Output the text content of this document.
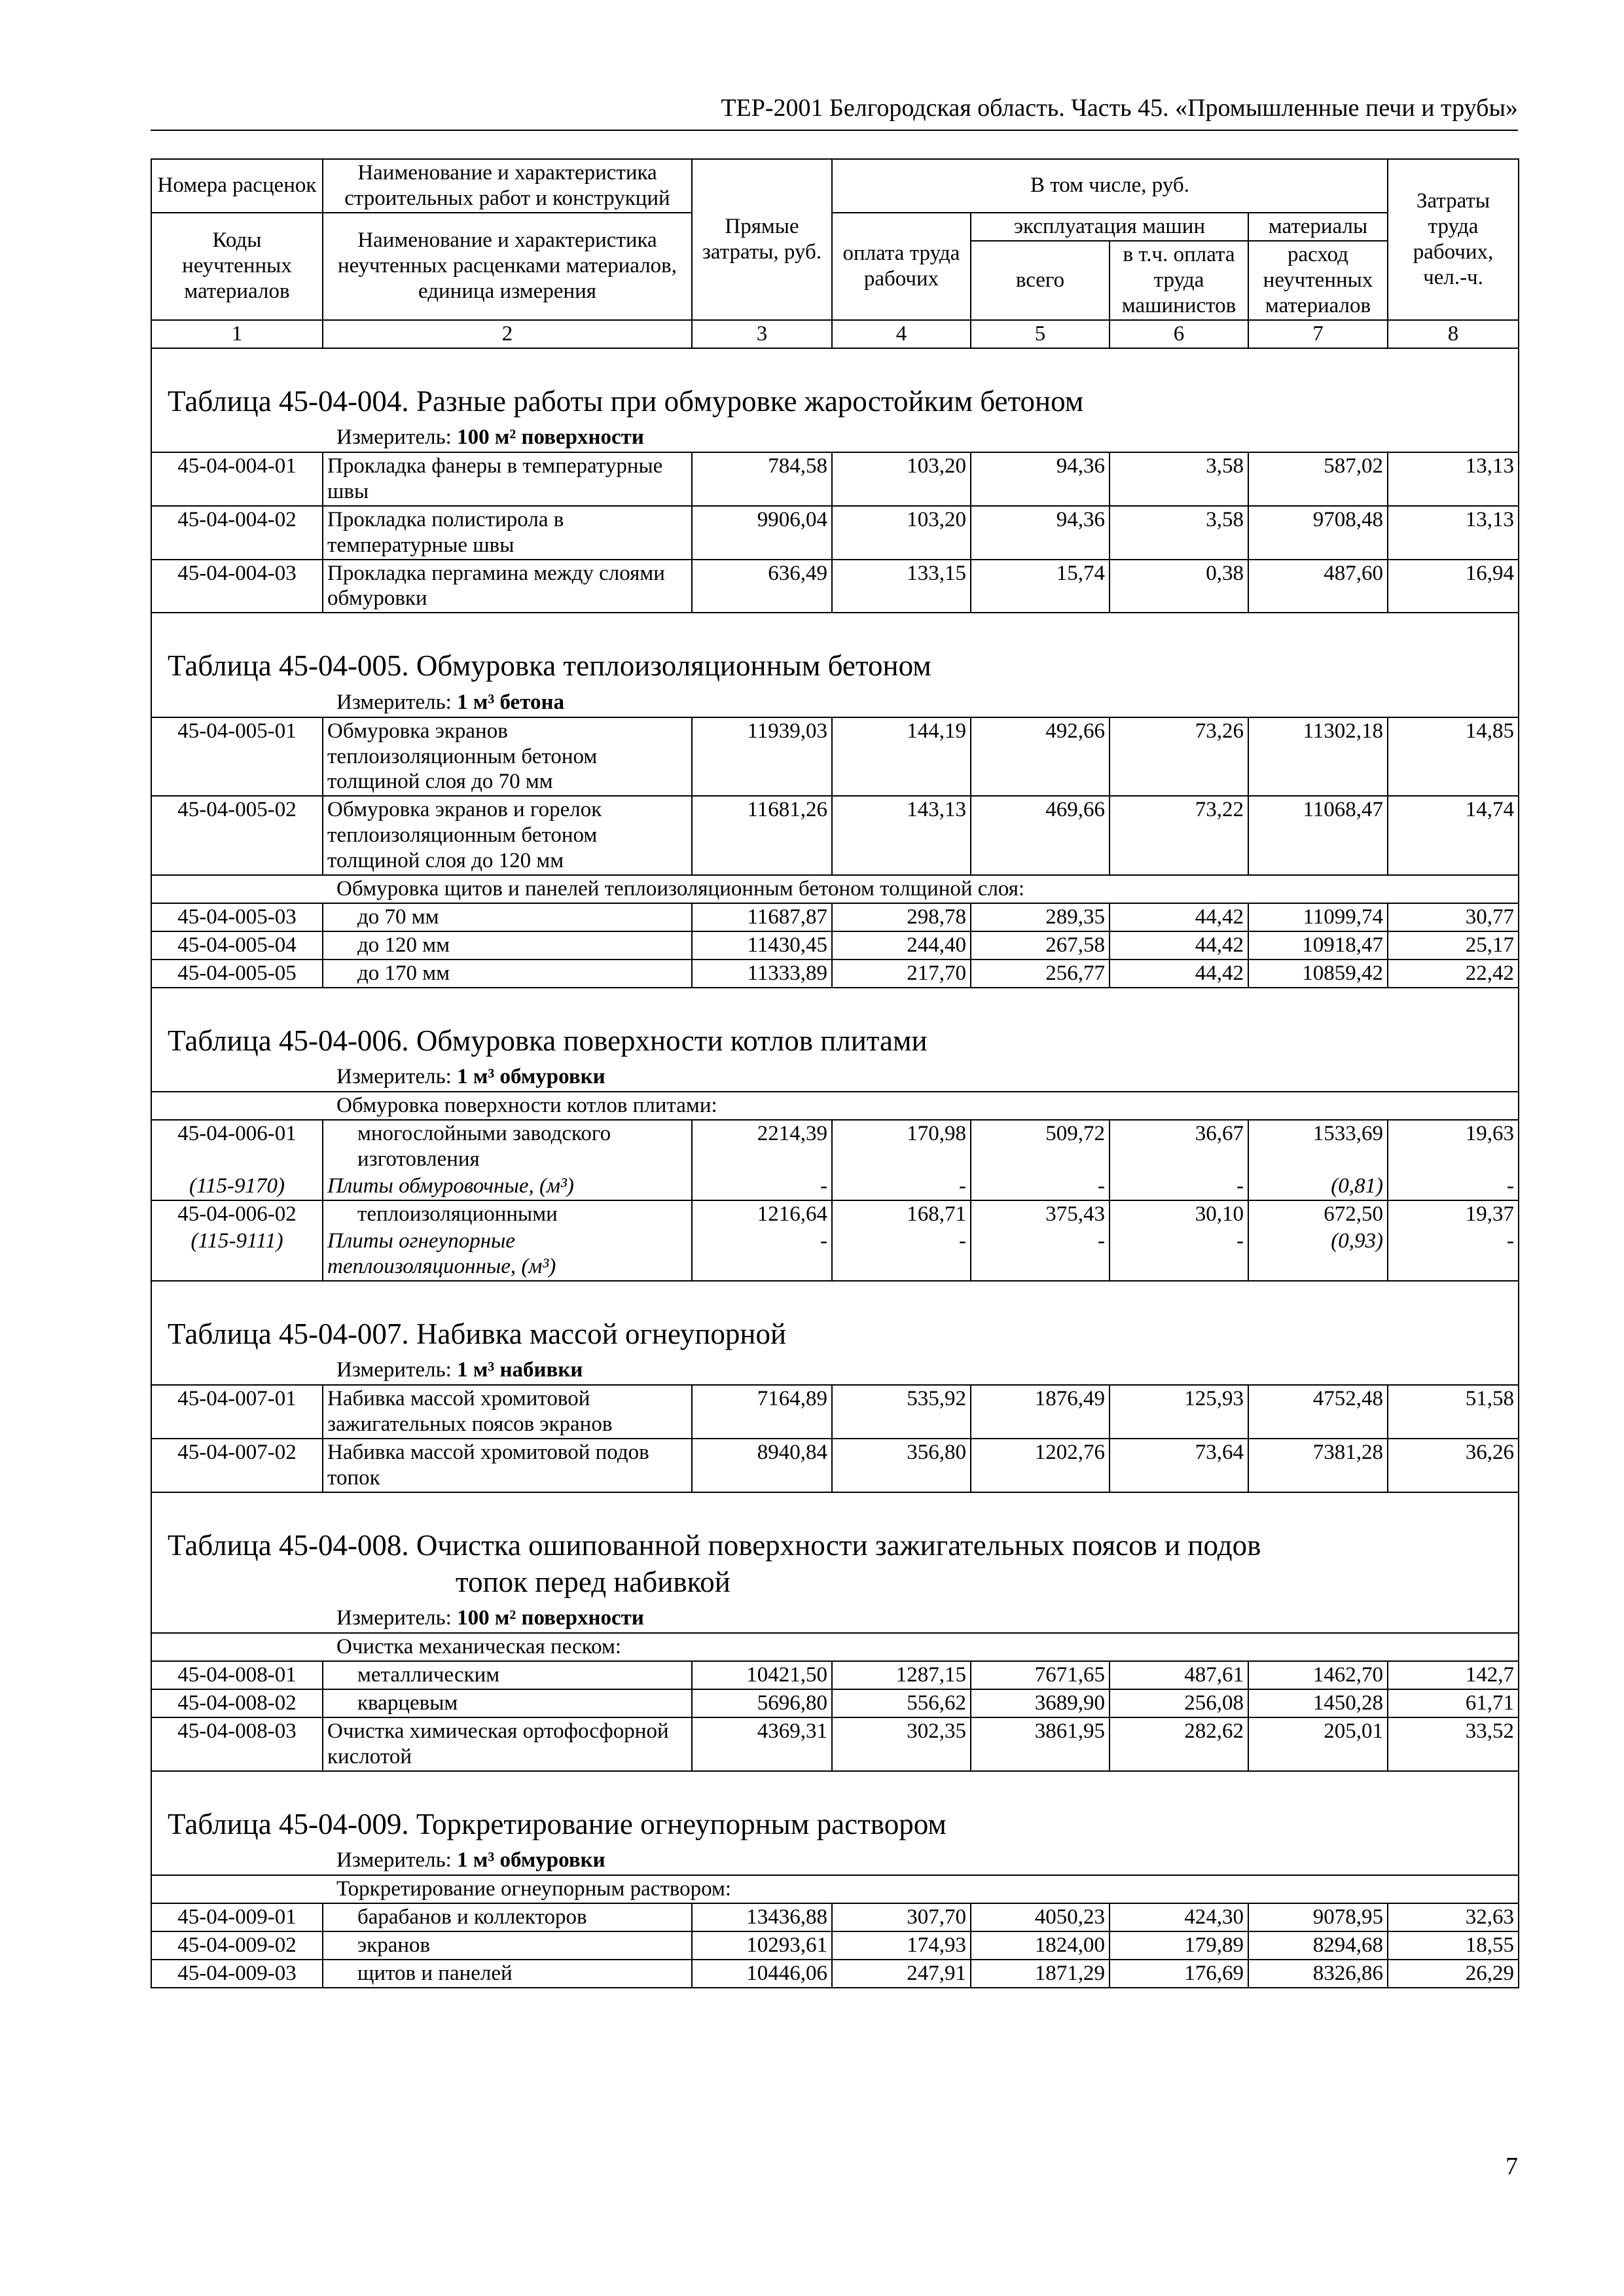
ТЕР-2001 Белгородская область. Часть 45. «Промышленные печи и трубы»
Номера расценок	Наименование и характеристика строительных работ и конструкций	Прямые затраты, руб.	В том числе, руб.				Затраты труда рабочих, чел.-ч.
Коды неучтенных материалов	Наименование и характеристика неучтенных расценками материалов, единица измерения		оплата труда рабочих	эксплуатация машин		материалы	
				всего	в т.ч. оплата труда машинистов	расход неучтенных материалов	
1	2	3	4	5	6	7	8
Таблица 45-04-004. Разные работы при обмуровке жаростойким бетоном							
Измеритель: 100 м² поверхности							
45-04-004-01	Прокладка фанеры в температурные швы	784,58	103,20	94,36	3,58	587,02	13,13
45-04-004-02	Прокладка полистирола в температурные швы	9906,04	103,20	94,36	3,58	9708,48	13,13
45-04-004-03	Прокладка пергамина между слоями обмуровки	636,49	133,15	15,74	0,38	487,60	16,94
Таблица 45-04-005. Обмуровка теплоизоляционным бетоном							
Измеритель: 1 м³ бетона							
45-04-005-01	Обмуровка экранов теплоизоляционным бетоном толщиной слоя до 70 мм	11939,03	144,19	492,66	73,26	11302,18	14,85
45-04-005-02	Обмуровка экранов и горелок теплоизоляционным бетоном толщиной слоя до 120 мм	11681,26	143,13	469,66	73,22	11068,47	14,74
Обмуровка щитов и панелей теплоизоляционным бетоном толщиной слоя:							
45-04-005-03	до 70 мм	11687,87	298,78	289,35	44,42	11099,74	30,77
45-04-005-04	до 120 мм	11430,45	244,40	267,58	44,42	10918,47	25,17
45-04-005-05	до 170 мм	11333,89	217,70	256,77	44,42	10859,42	22,42
Таблица 45-04-006. Обмуровка поверхности котлов плитами							
Измеритель: 1 м³ обмуровки							
Обмуровка поверхности котлов плитами:							
45-04-006-01	многослойными заводского изготовления	2214,39	170,98	509,72	36,67	1533,69	19,63
(115-9170)	Плиты обмуровочные, (м³)	-	-	-	-	(0,81)	-
45-04-006-02	теплоизоляционными	1216,64	168,71	375,43	30,10	672,50	19,37
(115-9111)	Плиты огнеупорные теплоизоляционные, (м³)	-	-	-	-	(0,93)	-
Таблица 45-04-007. Набивка массой огнеупорной							
Измеритель: 1 м³ набивки							
45-04-007-01	Набивка массой хромитовой зажигательных поясов экранов	7164,89	535,92	1876,49	125,93	4752,48	51,58
45-04-007-02	Набивка массой хромитовой подов топок	8940,84	356,80	1202,76	73,64	7381,28	36,26

Таблица 45-04-008. Очистка ошипованной поверхности зажигательных поясов и подов
топок перед набивкой							

Измеритель: 100 м² поверхности							
Очистка механическая песком:							
45-04-008-01	металлическим	10421,50	1287,15	7671,65	487,61	1462,70	142,7
45-04-008-02	кварцевым	5696,80	556,62	3689,90	256,08	1450,28	61,71
45-04-008-03	Очистка химическая ортофосфорной кислотой	4369,31	302,35	3861,95	282,62	205,01	33,52
Таблица 45-04-009. Торкретирование огнеупорным раствором							
Измеритель: 1 м³ обмуровки							
Торкретирование огнеупорным раствором:							
45-04-009-01	барабанов и коллекторов	13436,88	307,70	4050,23	424,30	9078,95	32,63
45-04-009-02	экранов	10293,61	174,93	1824,00	179,89	8294,68	18,55
45-04-009-03	щитов и панелей	10446,06	247,91	1871,29	176,69	8326,86	26,29
7
